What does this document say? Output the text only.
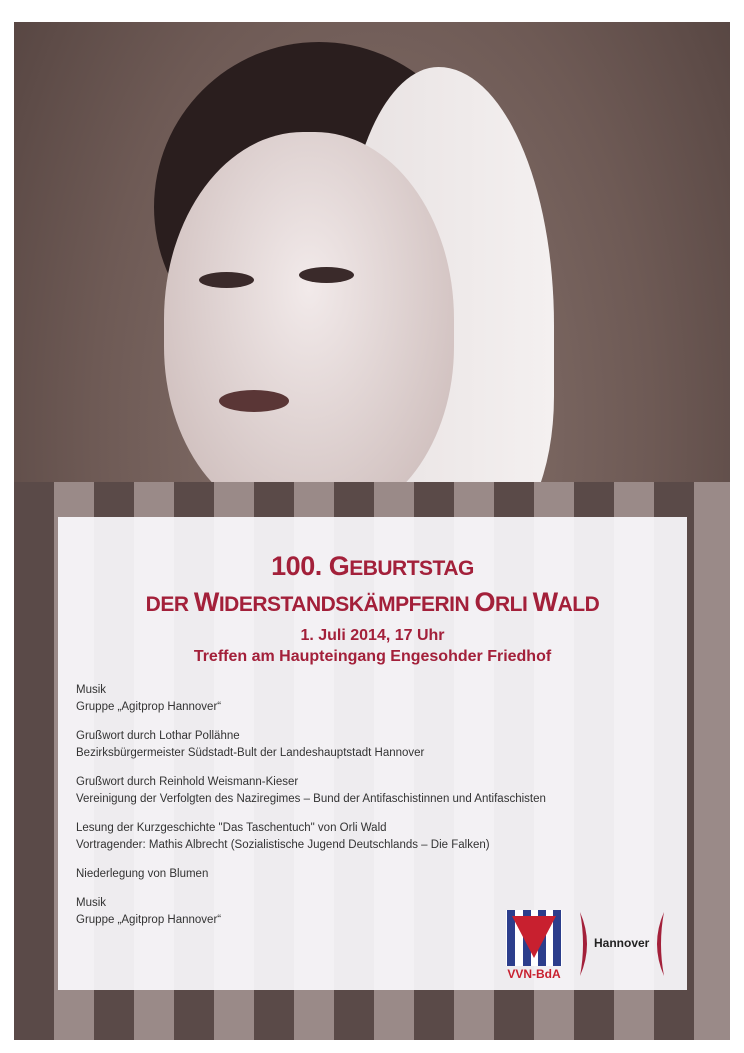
100. GEBURTSTAG
DER WIDERSTANDSKÄMPFERIN ORLI WALD
1. Juli 2014, 17 Uhr
Treffen am Haupteingang Engesohder Friedhof
Musik
Gruppe „Agitprop Hannover“
Grußwort durch Lothar Pollähne
Bezirksbürgermeister Südstadt-Bult der Landeshauptstadt Hannover
Grußwort durch Reinhold Weismann-Kieser
Vereinigung der Verfolgten des Naziregimes – Bund der Antifaschistinnen und Antifaschisten
Lesung der Kurzgeschichte "Das Taschentuch" von Orli Wald
Vortragender: Mathis Albrecht (Sozialistische Jugend Deutschlands – Die Falken)
Niederlegung von Blumen
Musik
Gruppe „Agitprop Hannover“
VVN-BdA
Hannover
